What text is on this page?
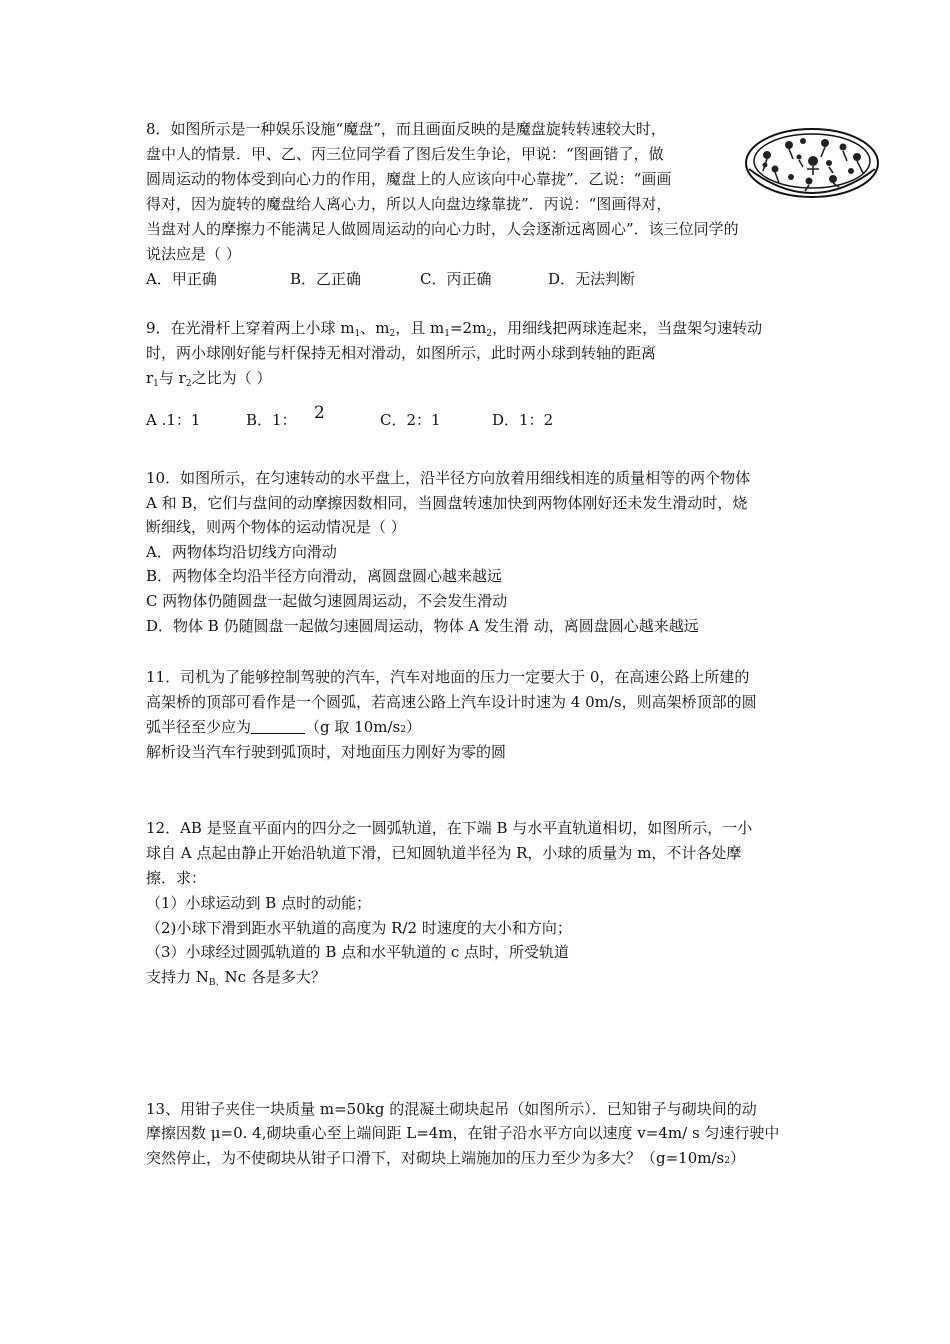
8．如图所示是一种娱乐设施“魔盘”，而且画面反映的是魔盘旋转转速较大时，
盘中人的情景．甲、乙、丙三位同学看了图后发生争论，甲说：“图画错了，做
圆周运动的物体受到向心力的作用，魔盘上的人应该向中心靠拢”．乙说：“画画
得对，因为旋转的魔盘给人离心力，所以人向盘边缘靠拢”．丙说：“图画得对，
当盘对人的摩擦力不能满足人做圆周运动的向心力时，人会逐渐远离圆心”．该三位同学的
说法应是（ ）
A．甲正确	B．乙正确	C．丙正确	D．无法判断
9．在光滑杆上穿着两上小球 $m_1$、$m_2$，且 $m_1=2m_2$，用细线把两球连起来，当盘架匀速转动
时，两小球刚好能与杆保持无相对滑动，如图所示，此时两小球到转轴的距离
$r_1$与 $r_2$之比为（ ）
A .1：1	B．1： 2	C．2：1	D．1：2
10．如图所示，在匀速转动的水平盘上，沿半径方向放着用细线相连的质量相等的两个物体
A 和 B，它们与盘间的动摩擦因数相同，当圆盘转速加快到两物体刚好还未发生滑动时，烧
断细线，则两个物体的运动情况是（ ）
A．两物体均沿切线方向滑动
B．两物体全均沿半径方向滑动，离圆盘圆心越来越远
C 两物体仍随圆盘一起做匀速圆周运动，不会发生滑动
D．物体 B 仍随圆盘一起做匀速圆周运动，物体 A 发生滑 动，离圆盘圆心越来越远
11．司机为了能够控制驾驶的汽车，汽车对地面的压力一定要大于 0，在高速公路上所建的
高架桥的顶部可看作是一个圆弧，若高速公路上汽车设计时速为 4 0m/s，则高架桥顶部的圆
弧半径至少应为	（g 取 10m/s2）
解析设当汽车行驶到弧顶时，对地面压力刚好为零的圆
12．AB 是竖直平面内的四分之一圆弧轨道，在下端 B 与水平直轨道相切，如图所示，一小
球自 A 点起由静止开始沿轨道下滑，已知圆轨道半径为 R，小球的质量为 m，不计各处摩
擦．求：
（1）小球运动到 B 点时的动能；
（2)小球下滑到距水平轨道的高度为 R/2 时速度的大小和方向；
（3）小球经过圆弧轨道的 B 点和水平轨道的 c 点时，所受轨道
支持力 $N_{B、}Nc$ 各是多大？
13、用钳子夹住一块质量 m=50kg 的混凝土砌块起吊（如图所示）．已知钳子与砌块间的动
摩擦因数 μ=0. 4,砌块重心至上端间距 L=4m，在钳子沿水平方向以速度 v=4m/ s 匀速行驶中
突然停止，为不使砌块从钳子口滑下，对砌块上端施加的压力至少为多大？（g=10m/s2）
